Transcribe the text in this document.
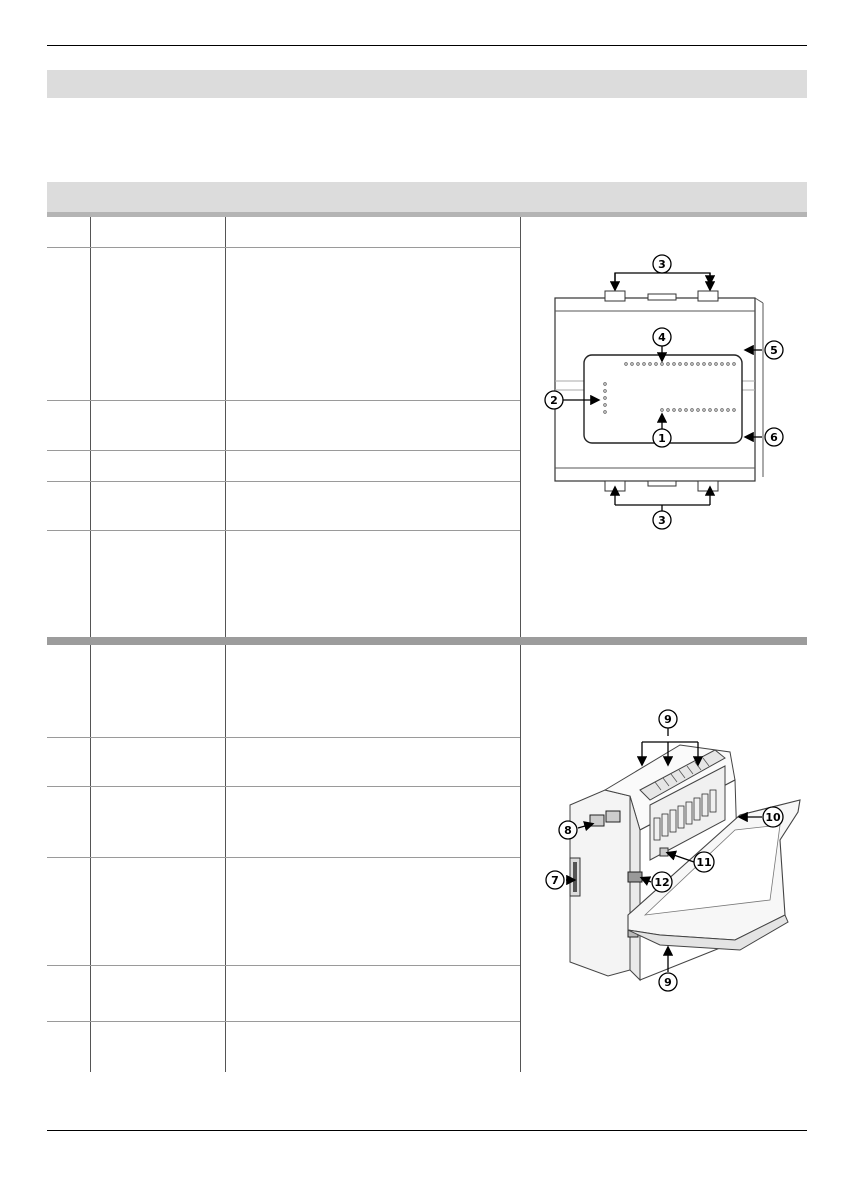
3
4
2
1
5
6
3
9
8
7
10
11
12
9
